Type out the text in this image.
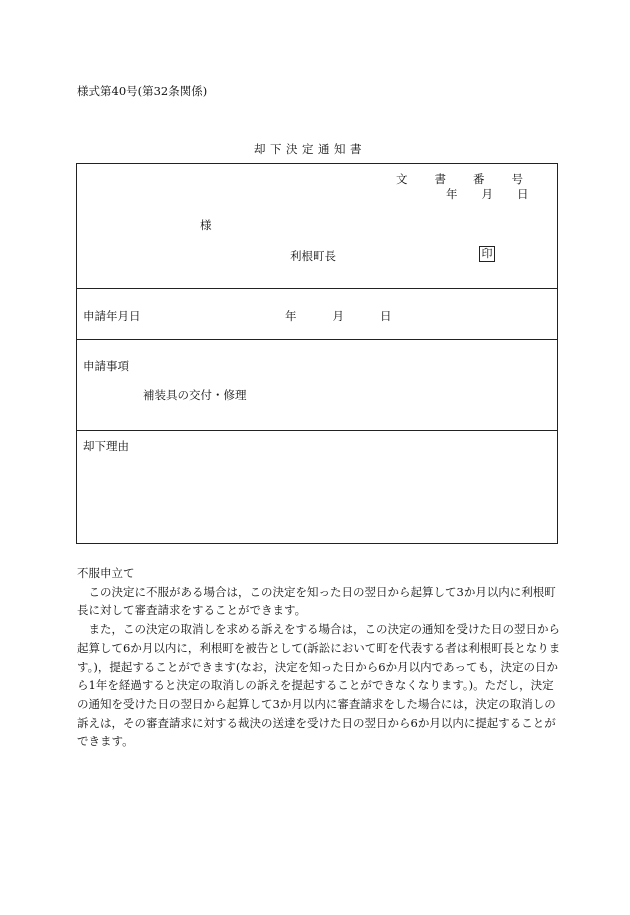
様式第40号(第32条関係)
却下決定通知書
文 書 番 号
年 月 日
様
利根町長	印
申請年月日	年	月	日
申請事項
補装具の交付・修理
却下理由

不服申立て

この決定に不服がある場合は，この決定を知った日の翌日から起算して3か月以内に利根町長に対して審査請求をすることができます。

また，この決定の取消しを求める訴えをする場合は，この決定の通知を受けた日の翌日から起算して6か月以内に，利根町を被告として(訴訟において町を代表する者は利根町長となります。)，提起することができます(なお，決定を知った日から6か月以内であっても，決定の日から1年を経過すると決定の取消しの訴えを提起することができなくなります。)。ただし，決定の通知を受けた日の翌日から起算して3か月以内に審査請求をした場合には，決定の取消しの訴えは，その審査請求に対する裁決の送達を受けた日の翌日から6か月以内に提起することができます。
